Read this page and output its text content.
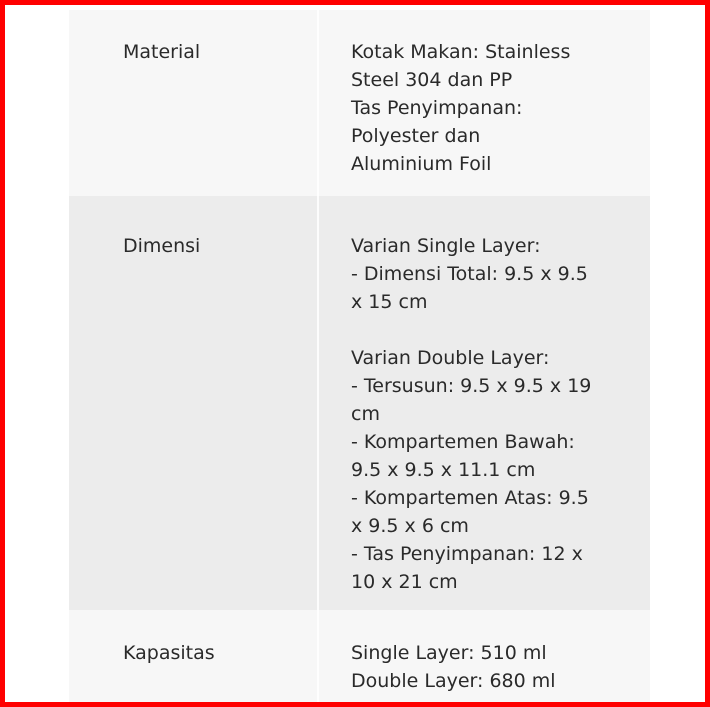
Material	Kotak Makan: Stainless
Steel 304 dan PP
Tas Penyimpanan:
Polyester dan
Aluminium Foil
Dimensi	Varian Single Layer:
- Dimensi Total: 9.5 x 9.5
x 15 cm
Varian Double Layer:
- Tersusun: 9.5 x 9.5 x 19
cm
- Kompartemen Bawah:
9.5 x 9.5 x 11.1 cm
- Kompartemen Atas: 9.5
x 9.5 x 6 cm
- Tas Penyimpanan: 12 x
10 x 21 cm
Kapasitas	Single Layer: 510 ml
Double Layer: 680 ml
